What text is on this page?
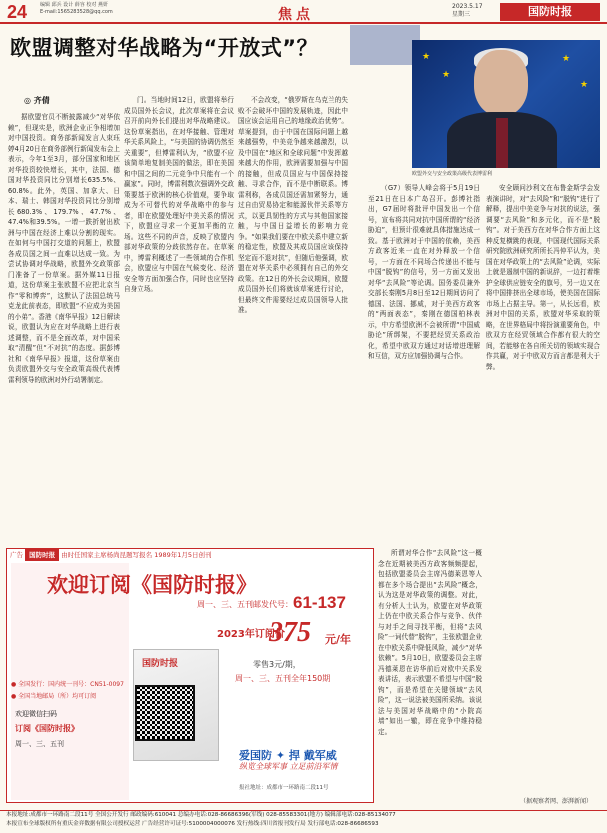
24	编辑 邱兵 设计 薛容 校对 燕妍
E-mail:1565283528@qq.com	焦点
2023.5.17
星期三	国防时报
欧盟调整对华战略为“开放式”？	★
★
★
★
欧盟外交与安全政策高级代表博雷利
◎ 齐倩
据欧盟官员不断披露减少“对华依赖”，但现实是，欧洲企业正争相增加对中国投资。商务部新闻发言人束珏婷4月20日在商务部例行新闻发布会上表示，今年1至3月，部分国家和地区对华投资较快增长，其中，法国、德国对华投资同比分别增长635.5%、60.8%。此外，英国、加拿大、日本、瑞士、韩国对华投资同比分别增长680.3%、179.7%、47.7%、47.4%和39.5%。一增一跌折射出欧洲与中国在经济上难以分割的现实。在如何与中国打交道的问题上，欧盟各成员国之间一直难以达成一致。为尝试协调对华战略，欧盟外交政策部门准备了一份草案。据外媒11日报道，这份草案主张欧盟不应把北京当作“零和博弈”，这默认了法国总统马克龙此前表态，即欧盟“不应成为美国的小弟”。香港《南华早报》12日解读说，欧盟认为应在对华战略上进行表述调整，而不是全面改革，对中国采取“清醒”但“不对抗”的态度。据彭博社和《南华早报》报道，这份草案由负责欧盟外交与安全政策高级代表博雷利领导的欧洲对外行动署制定。
门。当地时间12日，欧盟将举行成员国外长会议，此次草案将在会议召开前向外长们提出对华战略建议。这份草案指出，在对华接触、管理对华关系风险上，“与美国的协调仍然至关重要”，但博雷利认为，“欧盟不应该简单地复制美国的做法，即在美国和中国之间的二元竞争中只能有一个赢家”。同时，博雷利数次强调外交政策要基于欧洲的核心价值观，要争取成为不可替代的对华战略中的参与者，即在欧盟处理好中美关系的情况下，欧盟应寻求一个更加平衡的立场。这些不同的声音，反映了欧盟内部对华政策的分歧依然存在。在草案中，博雷利概述了一些领域的合作机会，欧盟应与中国在气候变化、经济安全等方面加强合作，同时也应坚持自身立场。
不会改变，“俄罗斯在乌克兰的失败不会破坏中国的发展轨迹，因此中国应该会运用自己的地缘政治优势”。草案提到，由于中国在国际问题上越来越强势，中美竞争越来越激烈，以及中国在“地区和全球问题”中发挥越来越大的作用，欧洲需要加强与中国的接触，但成员国应与中国保持接触、寻求合作，而不是中断联系。博雷利称，各成员国还需加紧努力，通过自由贸易协定和能源伙伴关系等方式，以更具韧性的方式与其他国家接触，与中国日益增长的影响力竞争。“如果我们要在中欧关系中建立新的稳定性，欧盟及其成员国应该保持坚定而不退对抗”，但随后他强调，欧盟在对华关系中必须拥有自己的外交政策。在12日的外长会议期间，欧盟成员国外长们将就该草案进行讨论，但最终文件需要经过成员国领导人批准。
（G7）领导人峰会将于5月19日至21日在日本广岛召开。彭博社指出，G7届时将批评中国发出一个信号，宣布将共同对抗中国所谓的“经济胁迫”，但预计很难就具体措施达成一致。基于欧洲对于中国的依赖，美西方政客近来一直在对外释放一个信号，一方面在不同场合传递出不能与中国“脱钩”的信号，另一方面又发出对华“去风险”等论调。国务委员兼外交部长秦刚5月8日至12日期间访问了德国、法国、挪威，对于美西方政客的“两面表态”，秦刚在德国柏林表示，中方希望欧洲不会被所谓“中国威胁论”所绑架，不要把经贸关系政治化，希望中欧双方通过对话增进理解和互信，双方应加强协调与合作。
安全顾问沙利文在布鲁金斯学会发表演讲时，对“去风险”和“脱钩”进行了解释，提出中美竞争与对抗的说法，强调要“去风险”和多元化，而不是“脱钩”。对于美西方在对华合作方面上这种反复横跳的表现，中国现代国际关系研究院欧洲研究所所长冯仲平认为，美国在对华政策上的“去风险”论调，实际上就是遏制中国的新说辞，一边打着维护全球供应链安全的旗号，另一边又在将中国排挤出全球市场，使美国在国际市场上占据主导。第一，从长远看，欧洲对中国的关系，欧盟对华采取的策略，在世界格局中将扮演重要角色，中欧双方在经贸领域合作都有很大的空间，若能够在各自所关切的领域实现合作共赢，对于中欧双方而言都是利大于弊。
所谓对华合作“去风险”这一概念在近期被美西方政客频频提起，包括欧盟委员会主席冯德莱恩等人都在多个场合提出“去风险”概念，认为这是对华政策的调整。对此，有分析人士认为，欧盟在对华政策上仍在中欧关系合作与竞争、伙伴与对手之间寻找平衡，但将“去风险”一词代替“脱钩”，主张欧盟企业在中欧关系中降低风险，减少“对华依赖”。5月10日，欧盟委员会主席冯德莱恩在访华前后对欧中关系发表讲话，表示欧盟不希望与中国“脱钩”，而是希望在关键领域“去风险”，这一说法被美国所采纳。该说法与美国对华战略中的“小院高墙”如出一辙，即在竞争中维持稳定。
广告 国防时报 由时任国家主席杨尚昆题写报名 1989年1月5日创刊
欢迎订阅《国防时报》
周一、三、五刊邮发代号： 61-137
2023年订阅价
375 元/年
零售3元/期，
周一、三、五刊全年150期
国防时报
● 全国发行：国内统一刊号：CN51-0097
● 全国当地邮局（所）均可订阅
欢迎微信扫码
订阅《国防时报》
周一、三、五刊
爱国防 ✦ 捍 戴军威
纵览全球军事 立足前沿军情
报社地址：成都市一环路南二段11号
（据观察者网、澎湃新闻）
本报地址:成都市一环路南二段11号 全国公开发行 邮政编码:610041 总编办电话:028-86686396(军线) 028-85583301(地方) 编辑部电话:028-85134077
本报宣布全球版权所有重庆金弈数据有限公司授权运营 广告经营许可证号:5100004000076 发行热线:四川省报刊发行局 发行部电话:028-86686593
